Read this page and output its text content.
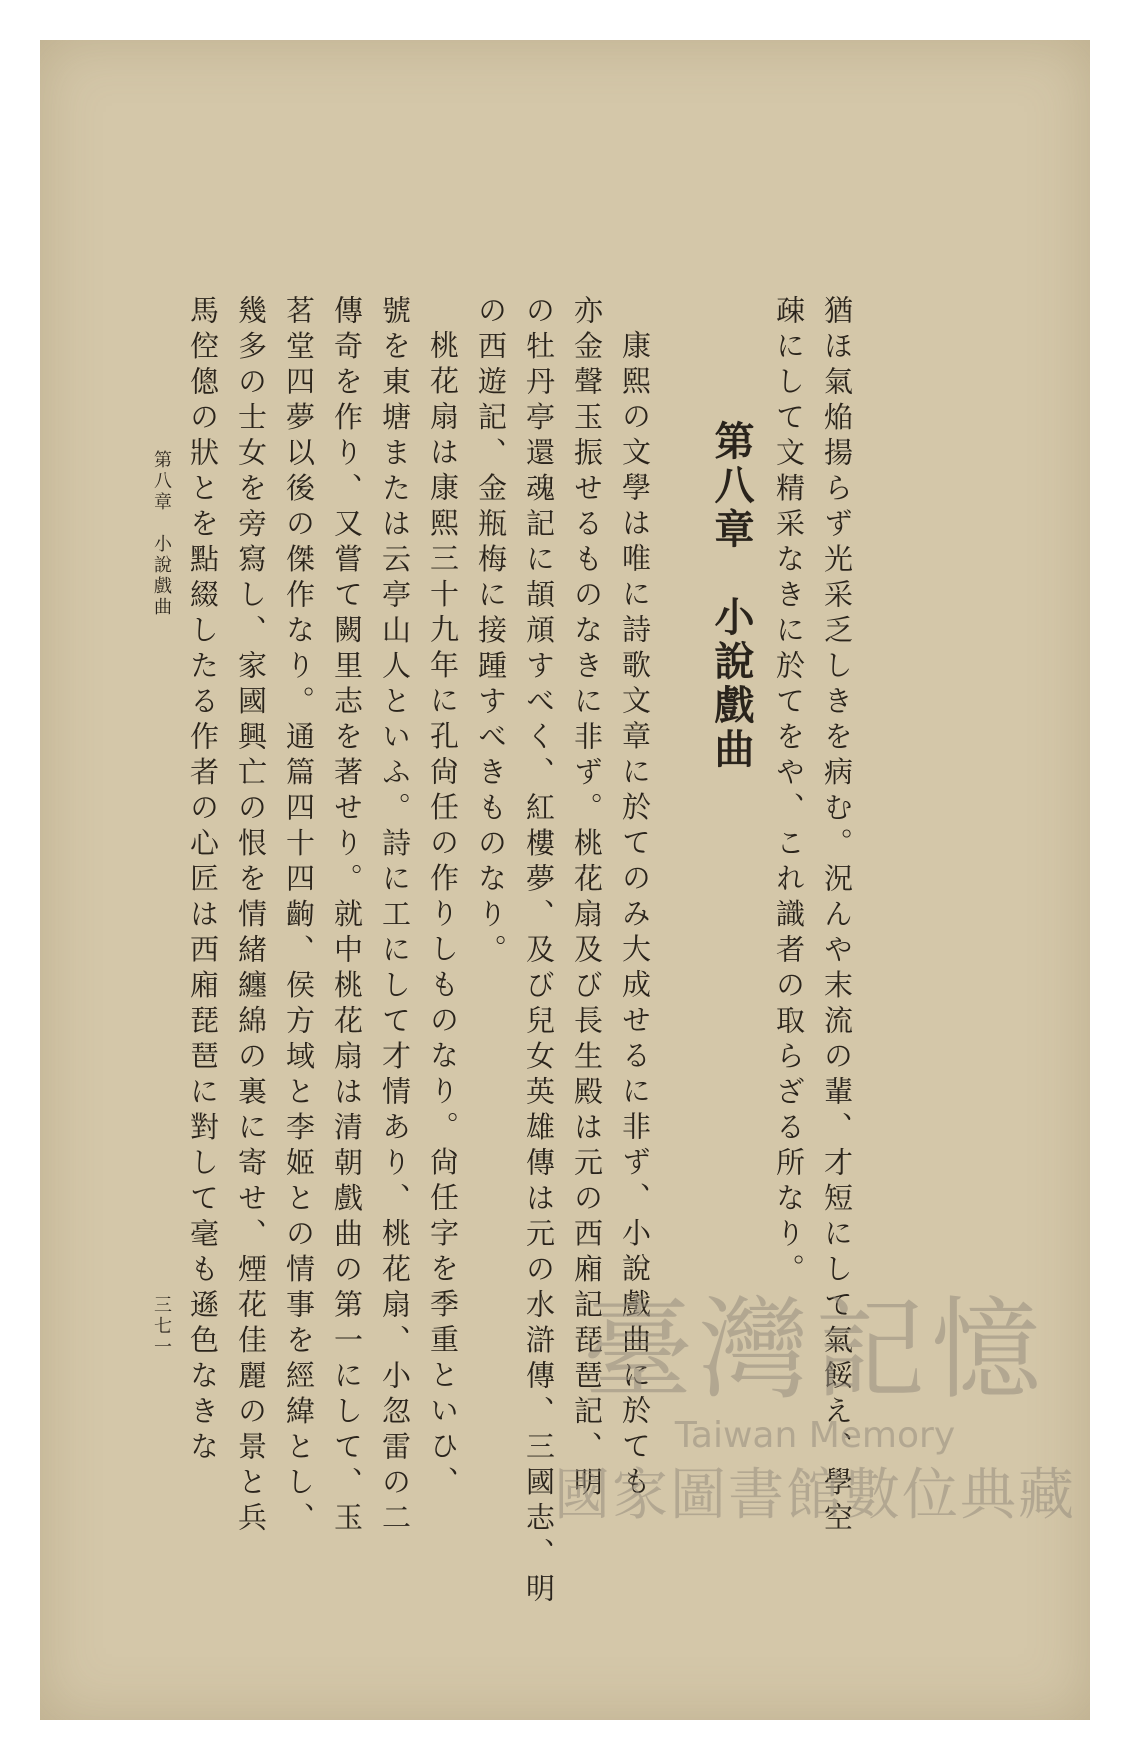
猶ほ氣焔揚らず光采乏しきを病む。況んや末流の輩、才短にして氣餒え、學空
疎にして文精采なきに於てをや、これ識者の取らざる所なり。
第八章　小說戲曲
康熙の文學は唯に詩歌文章に於てのみ大成せるに非ず、小說戲曲に於ても
亦金聲玉振せるものなきに非ず。桃花扇及び長生殿は元の西廂記琵琶記、明
の牡丹亭還魂記に頡頏すべく、紅樓夢、及び兒女英雄傳は元の水滸傳、三國志、明
の西遊記、金瓶梅に接踵すべきものなり。
桃花扇は康熙三十九年に孔尙任の作りしものなり。尙任字を季重といひ、
號を東塘または云亭山人といふ。詩に工にして才情あり、桃花扇、小忽雷の二
傳奇を作り、又嘗て闕里志を著せり。就中桃花扇は清朝戲曲の第一にして、玉
茗堂四夢以後の傑作なり。通篇四十四齣、侯方域と李姬との情事を經緯とし、
幾多の士女を旁寫し、家國興亡の恨を情緒纏綿の裏に寄せ、煙花佳麗の景と兵
馬倥傯の狀とを點綴したる作者の心匠は西廂琵琶に對して毫も遜色なきな
第八章　小說戲曲
三七一	臺灣記憶
Taiwan Memory
國家圖書館數位典藏
